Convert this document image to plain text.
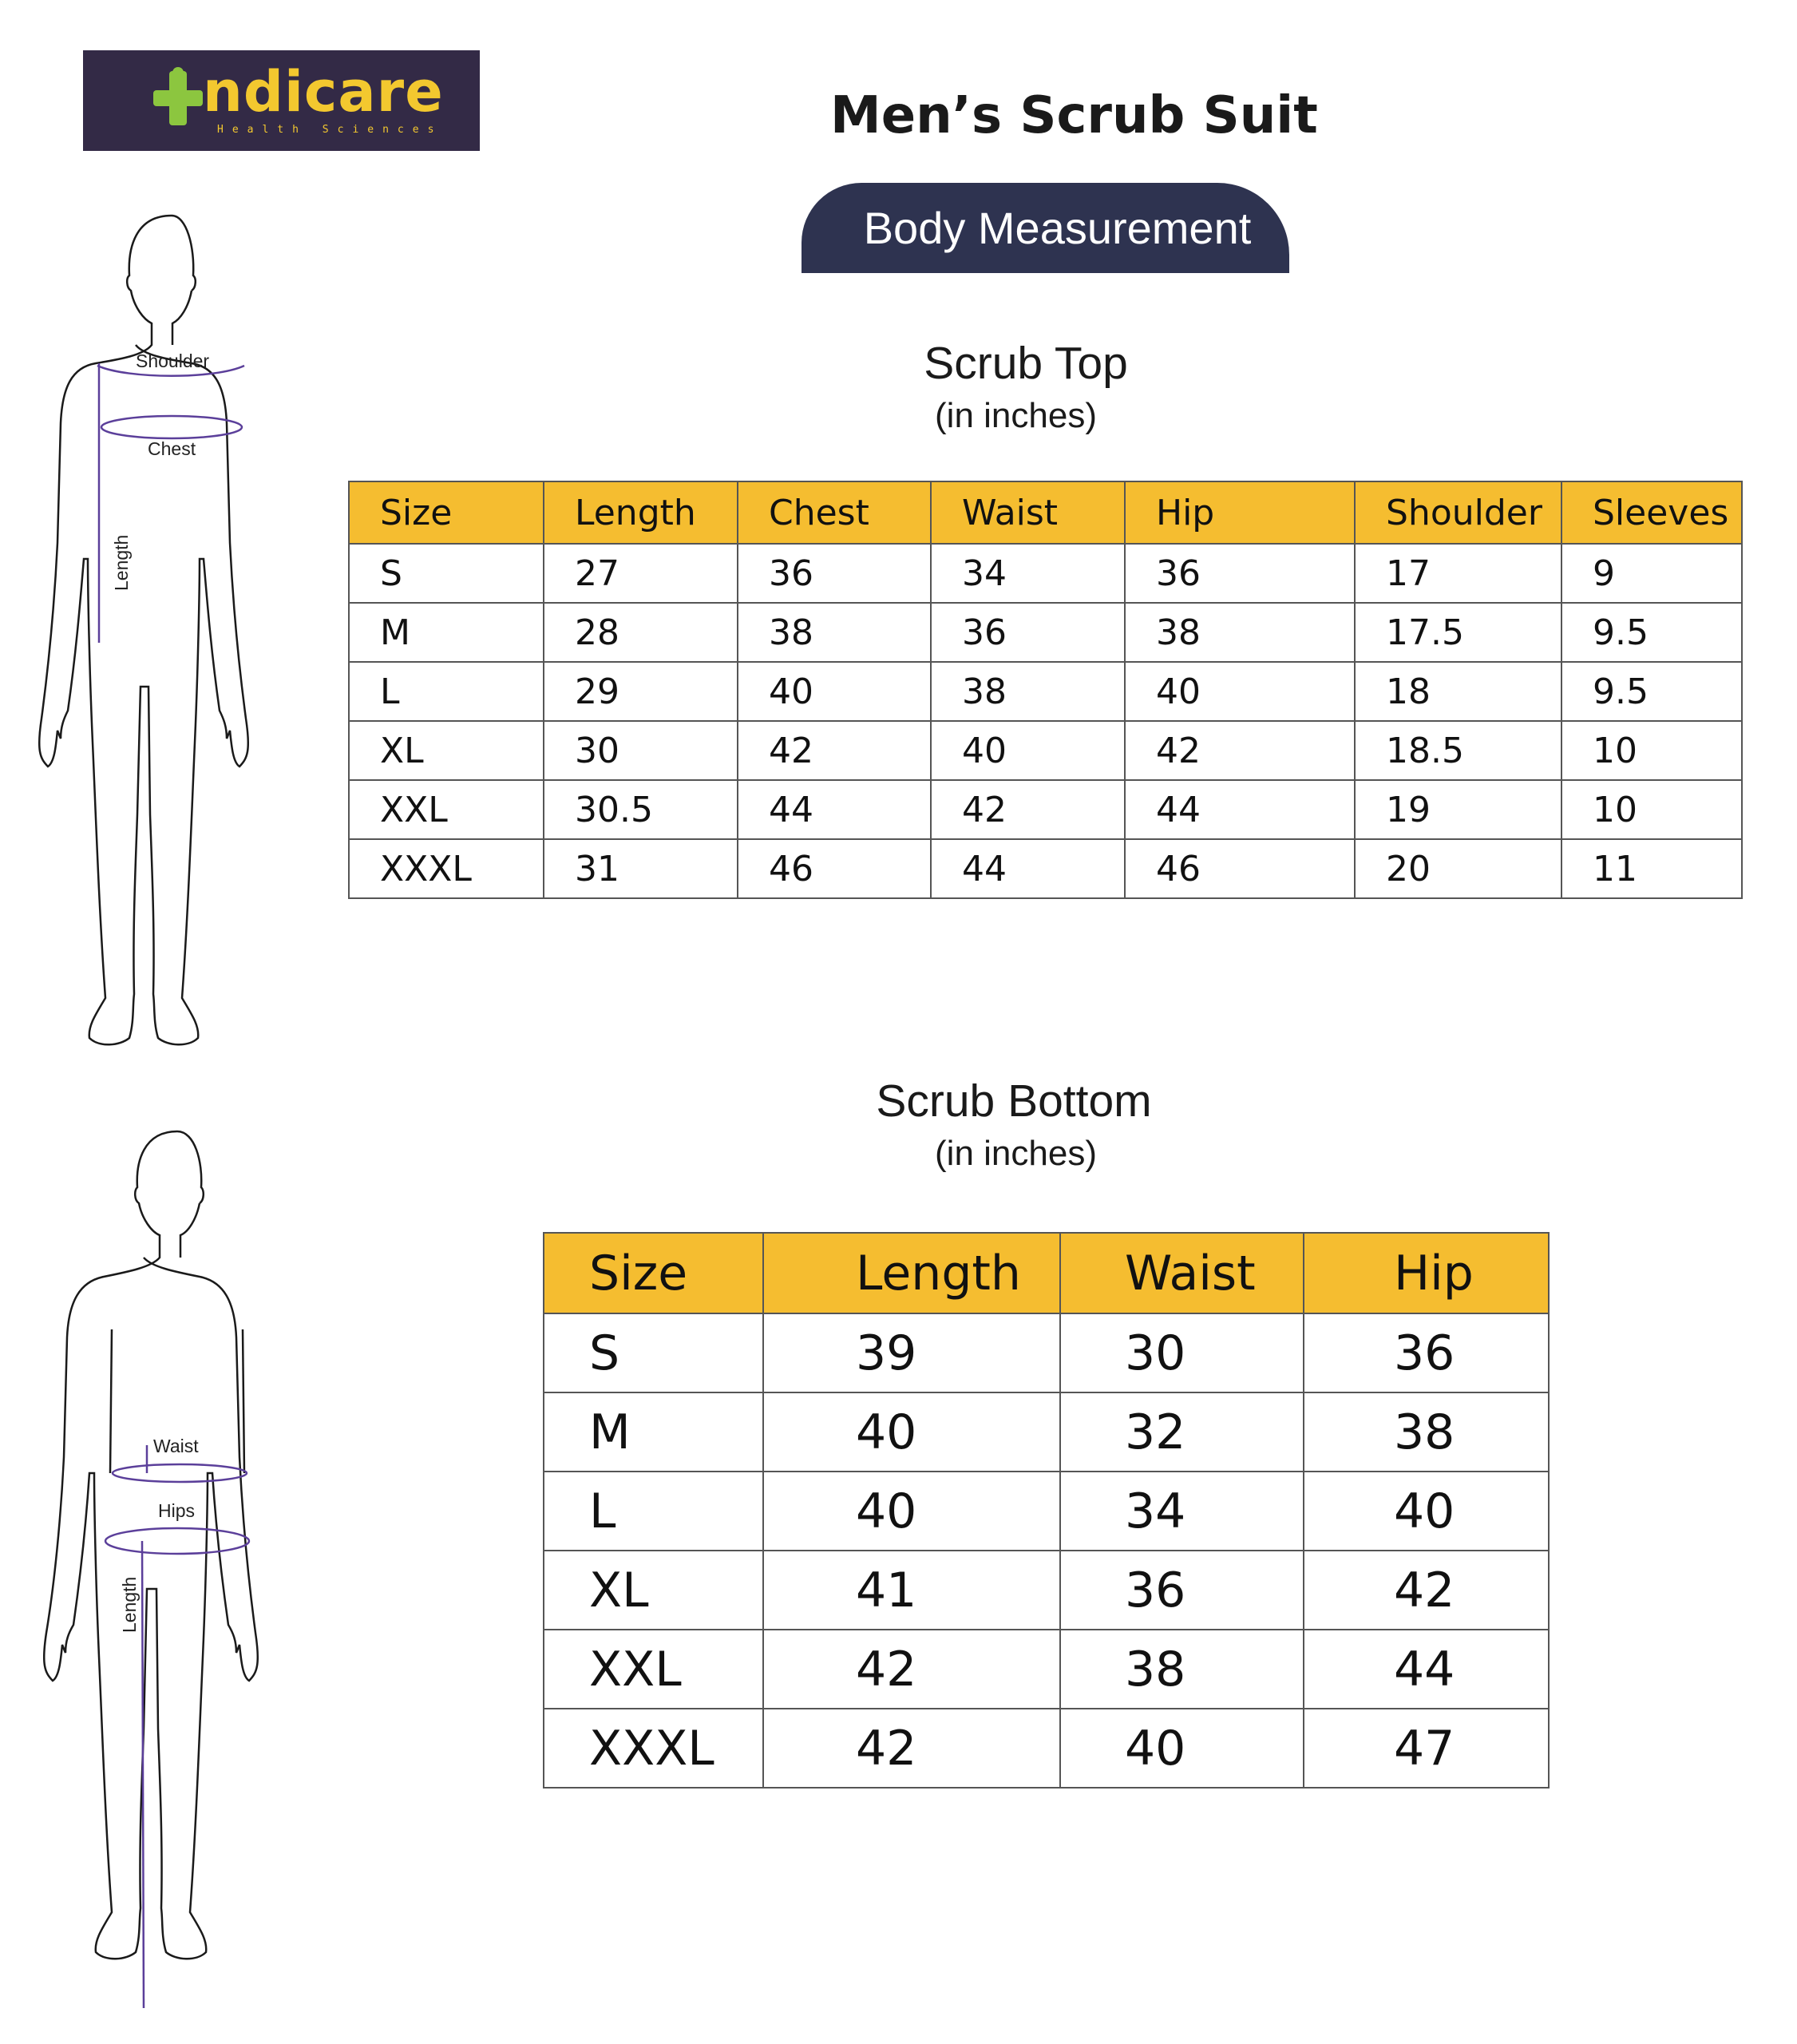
ndicare
Health Sciences	Men’s Scrub Suit
Body Measurement
Scrub Top
(in inches)
Size	Length	Chest	Waist	Hip	Shoulder	Sleeves
S	27	36	34	36	17	9
M	28	38	36	38	17.5	9.5
L	29	40	38	40	18	9.5
XL	30	42	40	42	18.5	10
XXL	30.5	44	42	44	19	10
XXXL	31	46	44	46	20	11
Scrub Bottom
(in inches)
Size	Length	Waist	Hip
S	39	30	36
M	40	32	38
L	40	34	40
XL	41	36	42
XXL	42	38	44
XXXL	42	40	47
Shoulder
Chest
Length
Waist
Hips
Length
